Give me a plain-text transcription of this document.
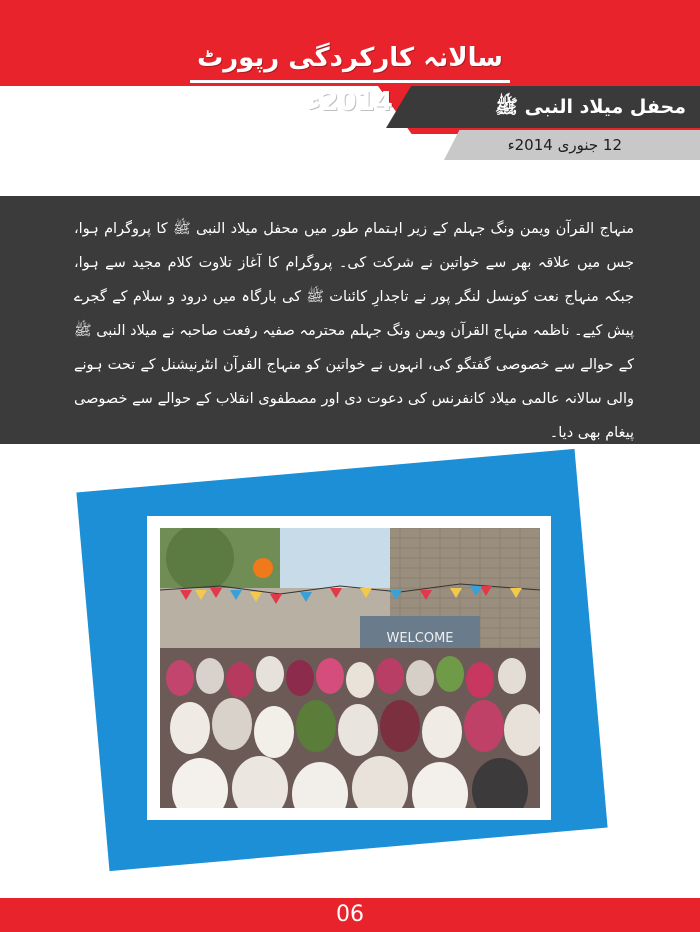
سالانہ کارکردگی رپورٹ 2014ء	محفل میلاد النبی ﷺ
12 جنوری 2014ء
منہاج القرآن ویمن ونگ جہلم کے زیر اہتمام طور میں محفل میلاد النبی ﷺ کا پروگرام ہوا، جس میں علاقہ بھر سے خواتین نے شرکت کی۔ پروگرام کا آغاز تلاوت کلام مجید سے ہوا، جبکہ منہاج نعت کونسل لنگر پور نے تاجدارِ کائنات ﷺ کی بارگاہ میں درود و سلام کے گجرے پیش کیے۔ ناظمہ منہاج القرآن ویمن ونگ جہلم محترمہ صفیہ رفعت صاحبہ نے میلاد النبی ﷺ کے حوالے سے خصوصی گفتگو کی، انہوں نے خواتین کو منہاج القرآن انٹرنیشنل کے تحت ہونے والی سالانہ عالمی میلاد کانفرنس کی دعوت دی اور مصطفوی انقلاب کے حوالے سے خصوصی پیغام بھی دیا۔
WELCOME
06
